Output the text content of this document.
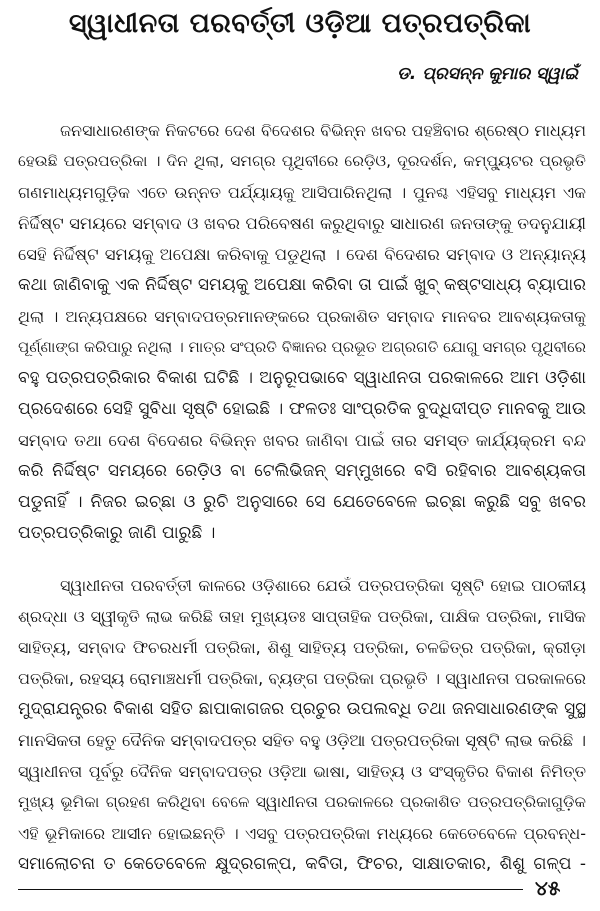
ସ୍ୱାଧୀନତା ପରବର୍ତ୍ତୀ ଓଡ଼ିଆ ପତ୍ରପତ୍ରିକା
ଡ. ପ୍ରସନ୍ନ କୁମାର ସ୍ୱାଇଁ
ଜନସାଧାରଣଙ୍କ ନିକଟରେ ଦେଶ ବିଦେଶର ବିଭିନ୍ନ ଖବର ପହଞ୍ଚିବାର ଶ୍ରେଷ୍ଠ ମାଧ୍ୟମ
ହେଉଛି ପତ୍ରପତ୍ରିକା । ଦିନ ଥିଲା, ସମଗ୍ର ପୃଥିବୀରେ ରେଡ଼ିଓ, ଦୂରଦର୍ଶନ, କମ୍ପ୍ୟୁଟର ପ୍ରଭୃତି
ଗଣମାଧ୍ୟମଗୁଡ଼ିକ ଏତେ ଉନ୍ନତ ପର୍ଯ୍ୟାୟକୁ ଆସିପାରିନଥିଲା । ପୁନଶ୍ଚ ଏହିସବୁ ମାଧ୍ୟମ ଏକ
ନିର୍ଦ୍ଦିଷ୍ଟ ସମୟରେ ସମ୍ବାଦ ଓ ଖବର ପରିବେଷଣ କରୁଥିବାରୁ ସାଧାରଣ ଜନତାଙ୍କୁ ତଦନୁଯାୟୀ
ସେହି ନିର୍ଦ୍ଦିଷ୍ଟ ସମୟକୁ ଅପେକ୍ଷା କରିବାକୁ ପଡୁଥିଲା । ଦେଶ ବିଦେଶର ସମ୍ବାଦ ଓ ଅନ୍ୟାନ୍ୟ
କଥା ଜାଣିବାକୁ ଏକ ନିର୍ଦ୍ଦିଷ୍ଟ ସମୟକୁ ଅପେକ୍ଷା କରିବା ତା ପାଇଁ ଖୁବ୍ କଷ୍ଟସାଧ୍ୟ ବ୍ୟାପାର
ଥିଲା । ଅନ୍ୟପକ୍ଷରେ ସମ୍ବାଦପତ୍ରମାନଙ୍କରେ ପ୍ରକାଶିତ ସମ୍ବାଦ ମାନବର ଆବଶ୍ୟକତାକୁ
ପୂର୍ଣ୍ଣାଙ୍ଗ କରିପାରୁ ନଥିଲା । ମାତ୍ର ସଂପ୍ରତି ବିଜ୍ଞାନର ପ୍ରଭୂତ ଅଗ୍ରଗତି ଯୋଗୁ ସମଗ୍ର ପୃଥିବୀରେ
ବହୁ ପତ୍ରପତ୍ରିକାର ବିକାଶ ଘଟିଛି । ଅନୁରୂପଭାବେ ସ୍ୱାଧୀନତା ପରକାଳରେ ଆମ ଓଡ଼ିଶା
ପ୍ରଦେଶରେ ସେହି ସୁବିଧା ସୃଷ୍ଟି ହୋଇଛି । ଫଳତଃ ସାଂପ୍ରତିକ ବୁଦ୍ଧିଦୀପ୍ତ ମାନବକୁ ଆଉ
ସମ୍ବାଦ ତଥା ଦେଶ ବିଦେଶର ବିଭିନ୍ନ ଖବର ଜାଣିବା ପାଇଁ ତାର ସମସ୍ତ କାର୍ଯ୍ୟକ୍ରମ ବନ୍ଦ
କରି ନିର୍ଦ୍ଦିଷ୍ଟ ସମୟରେ ରେଡ଼ିଓ ବା ଟେଲିଭିଜନ୍ ସମ୍ମୁଖରେ ବସି ରହିବାର ଆବଶ୍ୟକତା
ପଡୁନାହିଁ । ନିଜର ଇଚ୍ଛା ଓ ରୁଚି ଅନୁସାରେ ସେ ଯେତେବେଳେ ଇଚ୍ଛା କରୁଛି ସବୁ ଖବର
ପତ୍ରପତ୍ରିକାରୁ ଜାଣି ପାରୁଛି ।
ସ୍ୱାଧୀନତା ପରବର୍ତ୍ତୀ କାଳରେ ଓଡ଼ିଶାରେ ଯେଉଁ ପତ୍ରପତ୍ରିକା ସୃଷ୍ଟି ହୋଇ ପାଠକୀୟ
ଶ୍ରଦ୍ଧା ଓ ସ୍ୱୀକୃତି ଲାଭ କରିଛି ତାହା ମୁଖ୍ୟତଃ ସାପ୍ତାହିକ ପତ୍ରିକା, ପାକ୍ଷିକ ପତ୍ରିକା, ମାସିକ
ସାହିତ୍ୟ, ସମ୍ବାଦ ଫିଚରଧର୍ମୀ ପତ୍ରିକା, ଶିଶୁ ସାହିତ୍ୟ ପତ୍ରିକା, ଚଳଚ୍ଚିତ୍ର ପତ୍ରିକା, କ୍ରୀଡ଼ା
ପତ୍ରିକା, ରହସ୍ୟ ରୋମାଞ୍ଚଧର୍ମୀ ପତ୍ରିକା, ବ୍ୟଙ୍ଗ ପତ୍ରିକା ପ୍ରଭୃତି । ସ୍ୱାଧୀନତା ପରକାଳରେ
ମୁଦ୍ରାଯନ୍ତ୍ରର ବିକାଶ ସହିତ ଛାପାକାଗଜର ପ୍ରଚୁର ଉପଲବ୍ଧି ତଥା ଜନସାଧାରଣଙ୍କ ସୁସ୍ଥ
ମାନସିକତା ହେତୁ ଦୈନିକ ସମ୍ବାଦପତ୍ର ସହିତ ବହୁ ଓଡ଼ିଆ ପତ୍ରପତ୍ରିକା ସୃଷ୍ଟି ଲାଭ କରିଛି ।
ସ୍ୱାଧୀନତା ପୂର୍ବରୁ ଦୈନିକ ସମ୍ବାଦପତ୍ର ଓଡ଼ିଆ ଭାଷା, ସାହିତ୍ୟ ଓ ସଂସ୍କୃତିର ବିକାଶ ନିମିତ୍ତ
ମୁଖ୍ୟ ଭୂମିକା ଗ୍ରହଣ କରିଥିବା ବେଳେ ସ୍ୱାଧୀନତା ପରକାଳରେ ପ୍ରକାଶିତ ପତ୍ରପତ୍ରିକାଗୁଡ଼ିକ
ଏହି ଭୂମିକାରେ ଆସୀନ ହୋଇଛନ୍ତି । ଏସବୁ ପତ୍ରପତ୍ରିକା ମଧ୍ୟରେ କେତେବେଳେ ପ୍ରବନ୍ଧ-
ସମାଲୋଚନା ତ କେତେବେଳେ କ୍ଷୁଦ୍ରଗଳ୍ପ, କବିତା, ଫିଚର, ସାକ୍ଷାତକାର, ଶିଶୁ ଗଳ୍ପ -
୪୫
